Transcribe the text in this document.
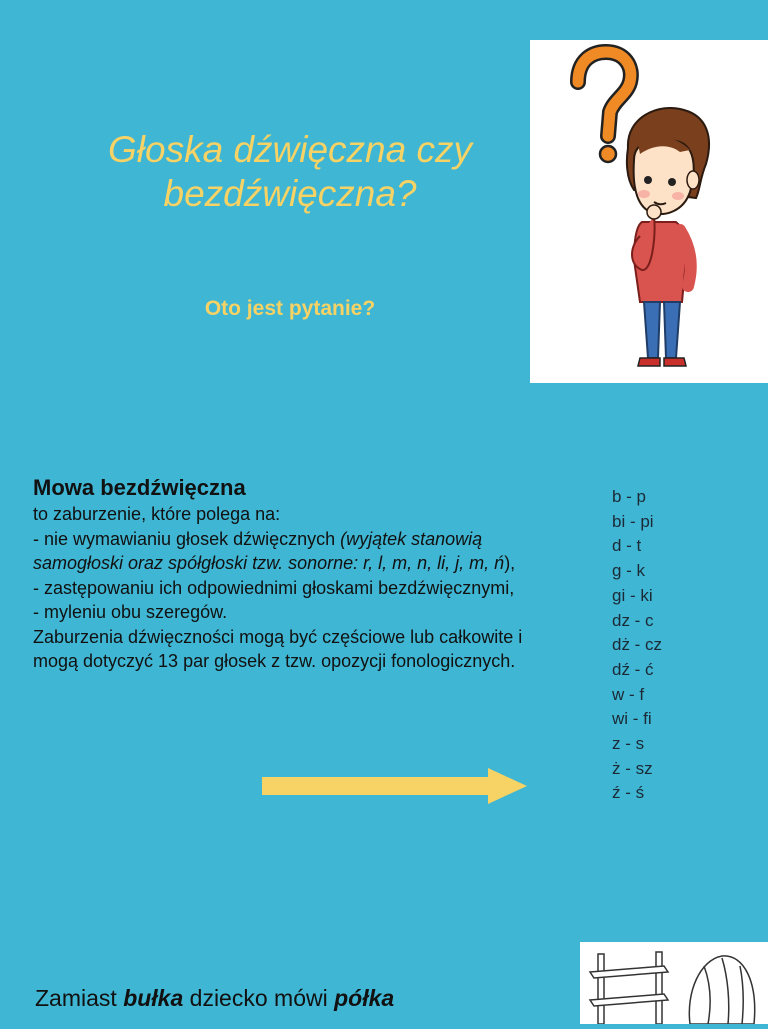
Głoska dźwięczna czy bezdźwięczna?
Oto jest pytanie?
Mowa bezdźwięczna
to zaburzenie, które polega na:
- nie wymawianiu głosek dźwięcznych (wyjątek stanowią samogłoski oraz spółgłoski tzw. sonorne: r, l, m, n, li, j, m, ń),
- zastępowaniu ich odpowiednimi głoskami bezdźwięcznymi,
- myleniu obu szeregów.
Zaburzenia dźwięczności mogą być częściowe lub całkowite i mogą dotyczyć 13 par głosek z tzw. opozycji fonologicznych.
b - p
bi - pi
d - t
g - k
gi - ki
dz - c
dż - cz
dź - ć
w - f
wi - fi
z - s
ż - sz
ź - ś
Zamiast bułka dziecko mówi półka
